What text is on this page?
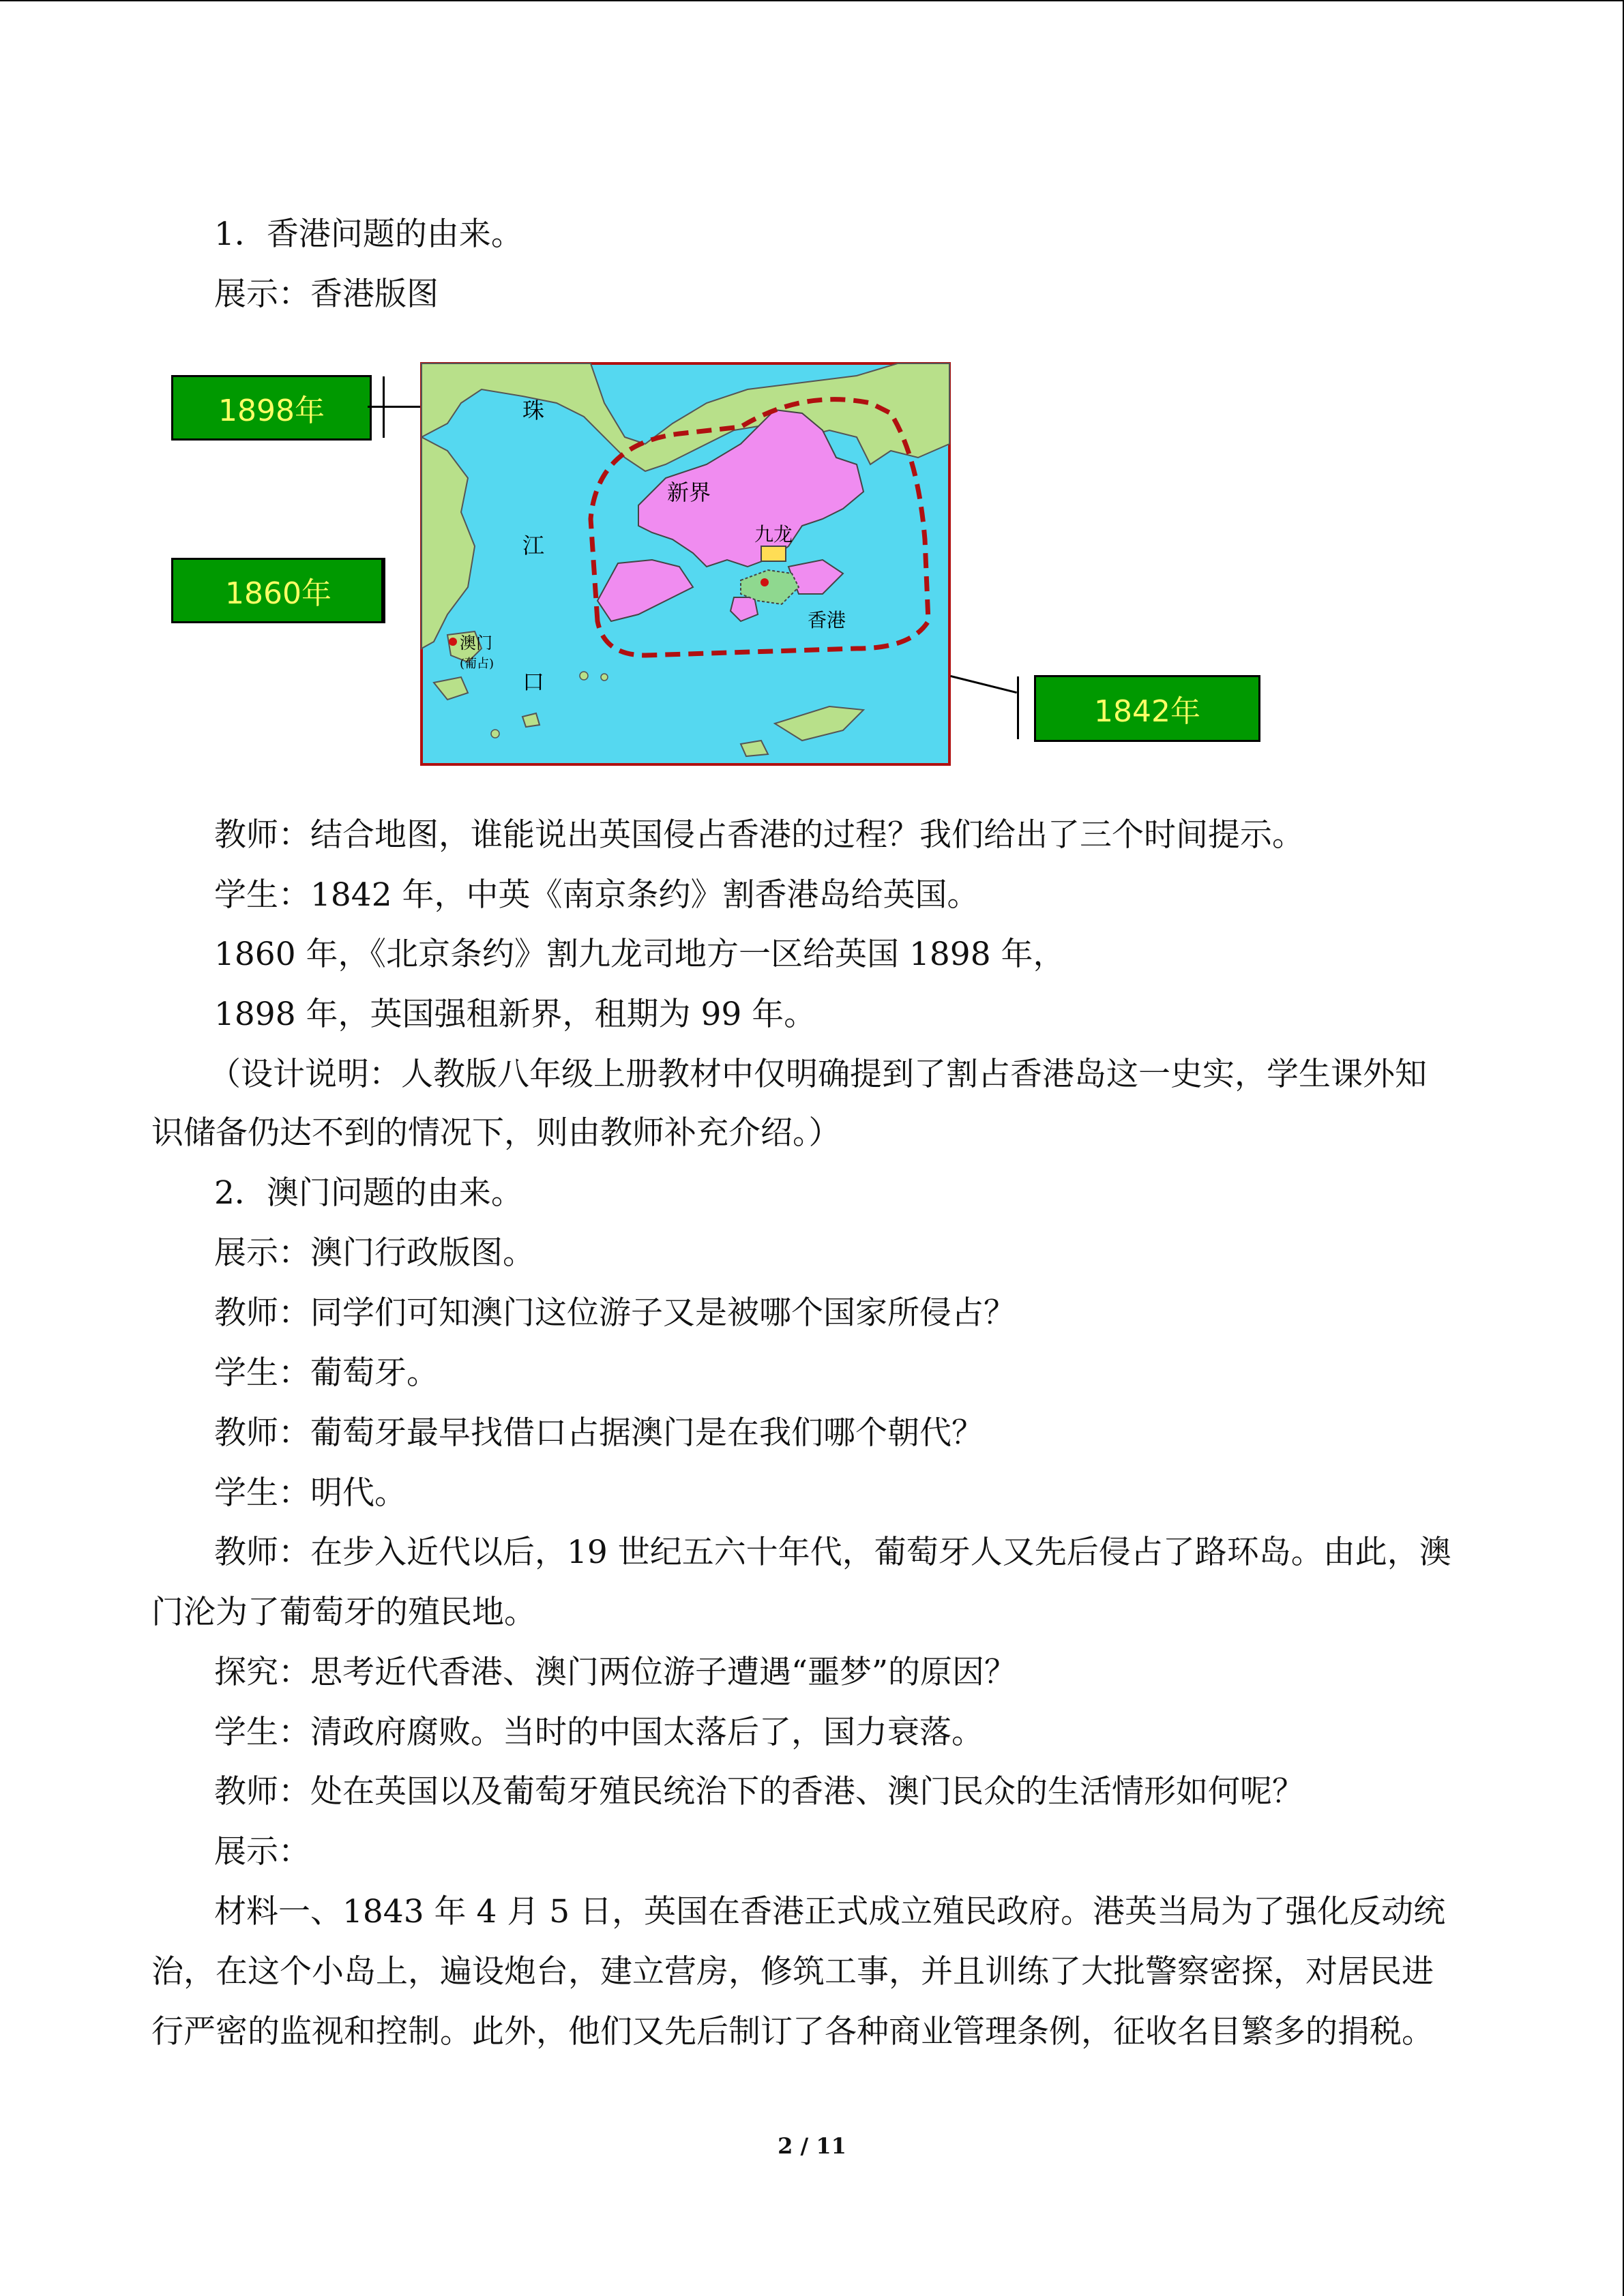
1．香港问题的由来。
展示：香港版图
珠
江
口
新界
九龙
香港
澳门
(葡占)
1898年
1860年
1842年
教师：结合地图，谁能说出英国侵占香港的过程？我们给出了三个时间提示。
学生：1842 年，中英《南京条约》割香港岛给英国。
1860 年，《北京条约》割九龙司地方一区给英国 1898 年，
1898 年，英国强租新界，租期为 99 年。
（设计说明：人教版八年级上册教材中仅明确提到了割占香港岛这一史实，学生课外知
识储备仍达不到的情况下，则由教师补充介绍。）
2．澳门问题的由来。
展示：澳门行政版图。
教师：同学们可知澳门这位游子又是被哪个国家所侵占？
学生：葡萄牙。
教师：葡萄牙最早找借口占据澳门是在我们哪个朝代？
学生：明代。
教师：在步入近代以后，19 世纪五六十年代，葡萄牙人又先后侵占了路环岛。由此，澳
门沦为了葡萄牙的殖民地。
探究：思考近代香港、澳门两位游子遭遇“噩梦”的原因？
学生：清政府腐败。当时的中国太落后了，国力衰落。
教师：处在英国以及葡萄牙殖民统治下的香港、澳门民众的生活情形如何呢？
展示：
材料一、1843 年 4 月 5 日，英国在香港正式成立殖民政府。港英当局为了强化反动统
治，在这个小岛上，遍设炮台，建立营房，修筑工事，并且训练了大批警察密探，对居民进
行严密的监视和控制。此外，他们又先后制订了各种商业管理条例，征收名目繁多的捐税。
2 / 11
